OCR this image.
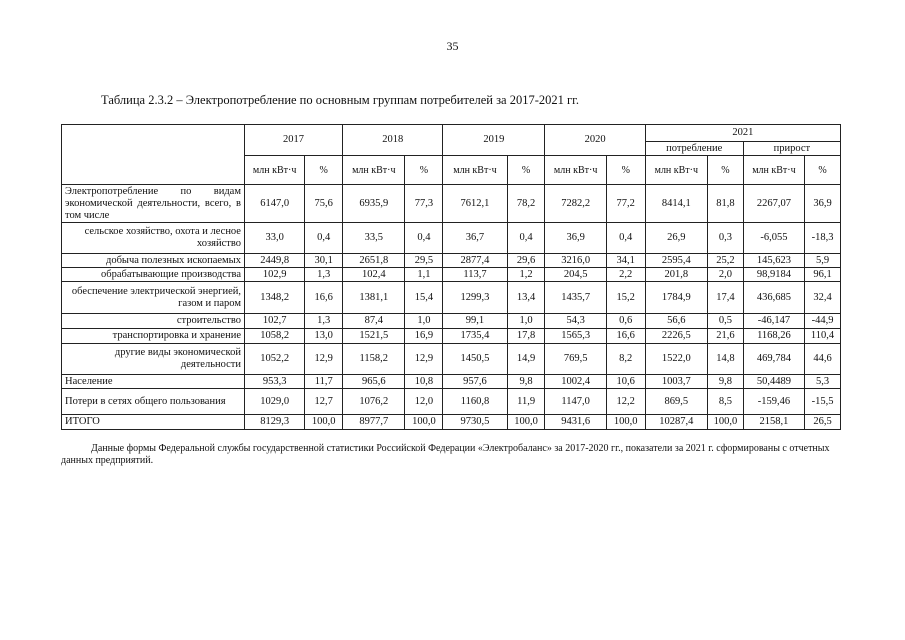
35
Таблица 2.3.2 – Электропотребление по основным группам потребителей за 2017-2021 гг.
	2017		2018		2019		2020		2021			
									потребление		прирост	
	млн кВт·ч	%	млн кВт·ч	%	млн кВт·ч	%	млн кВт·ч	%	млн кВт·ч	%	млн кВт·ч	%
Электропотребление по видам экономической деятельности, всего, в том числе	6147,0	75,6	6935,9	77,3	7612,1	78,2	7282,2	77,2	8414,1	81,8	2267,07	36,9
сельское хозяйство, охота и лесное хозяйство	33,0	0,4	33,5	0,4	36,7	0,4	36,9	0,4	26,9	0,3	-6,055	-18,3
добыча полезных ископаемых	2449,8	30,1	2651,8	29,5	2877,4	29,6	3216,0	34,1	2595,4	25,2	145,623	5,9
обрабатывающие производства	102,9	1,3	102,4	1,1	113,7	1,2	204,5	2,2	201,8	2,0	98,9184	96,1
обеспечение электрической энергией, газом и паром	1348,2	16,6	1381,1	15,4	1299,3	13,4	1435,7	15,2	1784,9	17,4	436,685	32,4
строительство	102,7	1,3	87,4	1,0	99,1	1,0	54,3	0,6	56,6	0,5	-46,147	-44,9
транспортировка и хранение	1058,2	13,0	1521,5	16,9	1735,4	17,8	1565,3	16,6	2226,5	21,6	1168,26	110,4
другие виды экономической деятельности	1052,2	12,9	1158,2	12,9	1450,5	14,9	769,5	8,2	1522,0	14,8	469,784	44,6
Население	953,3	11,7	965,6	10,8	957,6	9,8	1002,4	10,6	1003,7	9,8	50,4489	5,3
Потери в сетях общего пользования	1029,0	12,7	1076,2	12,0	1160,8	11,9	1147,0	12,2	869,5	8,5	-159,46	-15,5
ИТОГО	8129,3	100,0	8977,7	100,0	9730,5	100,0	9431,6	100,0	10287,4	100,0	2158,1	26,5
Данные формы Федеральной службы государственной статистики Российской Федерации «Электробаланс» за 2017-2020 гг., показатели за 2021 г. сформированы с отчетных данных предприятий.
